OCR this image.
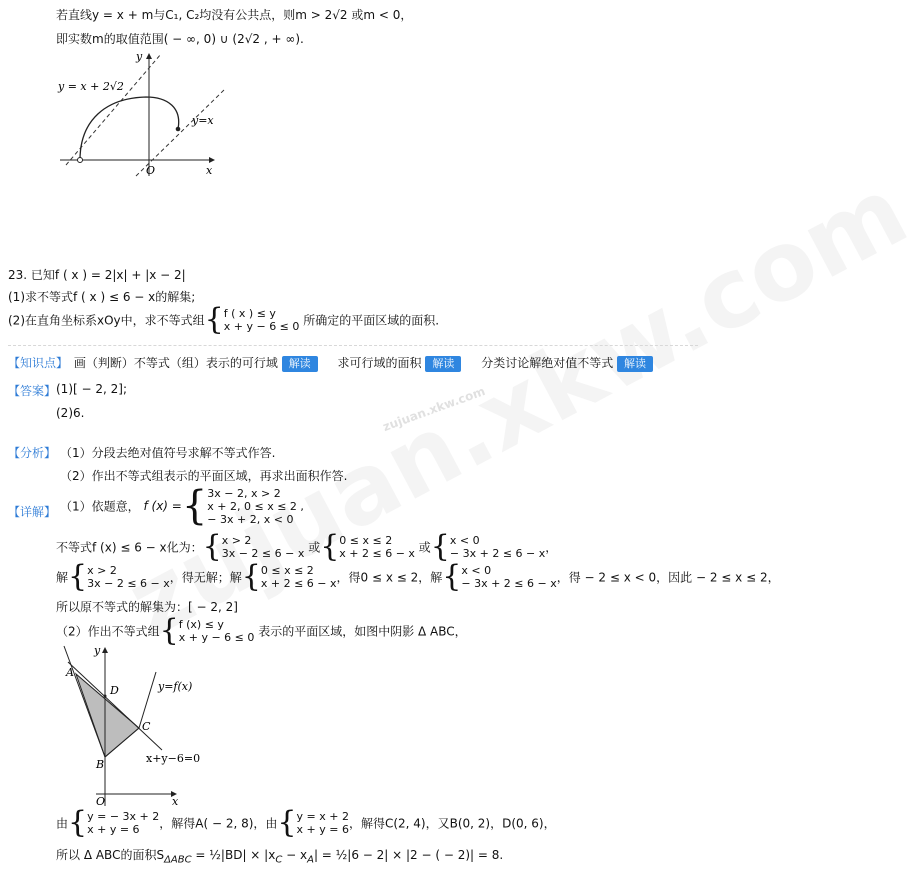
zujuan.xkw.com
若直线y = x + m与C₁, C₂均没有公共点，则m > 2√2 或m < 0，
即实数m的取值范围( − ∞, 0) ∪ (2√2 , + ∞).
y = x + 2√2
y=x
y
x
O
23. 已知f ( x ) = 2|x| + |x − 2|
(1)求不等式f ( x ) ≤ 6 − x的解集;
(2)在直角坐标系xOy中，求不等式组{f ( x ) ≤ y
x + y − 6 ≤ 0 所确定的平面区域的面积.
【知识点】 画（判断）不等式（组）表示的可行域 解读 求可行域的面积 解读 分类讨论解绝对值不等式 解读
【答案】 (1)[ − 2, 2];
(2)6.
【分析】 （1）分段去绝对值符号求解不等式作答.
（2）作出不等式组表示的平面区域，再求出面积作答.
【详解】 （1）依题意， f (x) ={3x − 2, x > 2
x + 2, 0 ≤ x ≤ 2 ,
− 3x + 2, x < 0
不等式f (x) ≤ 6 − x化为：{x > 2
3x − 2 ≤ 6 − x 或{0 ≤ x ≤ 2
x + 2 ≤ 6 − x 或{x < 0
− 3x + 2 ≤ 6 − x，
解{x > 2
3x − 2 ≤ 6 − x，得无解；解{0 ≤ x ≤ 2
x + 2 ≤ 6 − x，得0 ≤ x ≤ 2，解{x < 0
− 3x + 2 ≤ 6 − x，得 − 2 ≤ x < 0，因此 − 2 ≤ x ≤ 2，
所以原不等式的解集为：[ − 2, 2]
（2）作出不等式组{f (x) ≤ y
x + y − 6 ≤ 0 表示的平面区域，如图中阴影 Δ ABC，
A
D
C
B
O
y
x
y=f(x)
x+y−6=0
由{y = − 3x + 2
x + y = 6 ，解得A( − 2, 8)，由{y = x + 2
x + y = 6，解得C(2, 4)，又B(0, 2)，D(0, 6)，
所以 Δ ABC的面积$S_{\Delta ABC}$ = ½|BD| × $|x_C - x_A|$ = ½|6 − 2| × |2 − ( − 2)| = 8.
